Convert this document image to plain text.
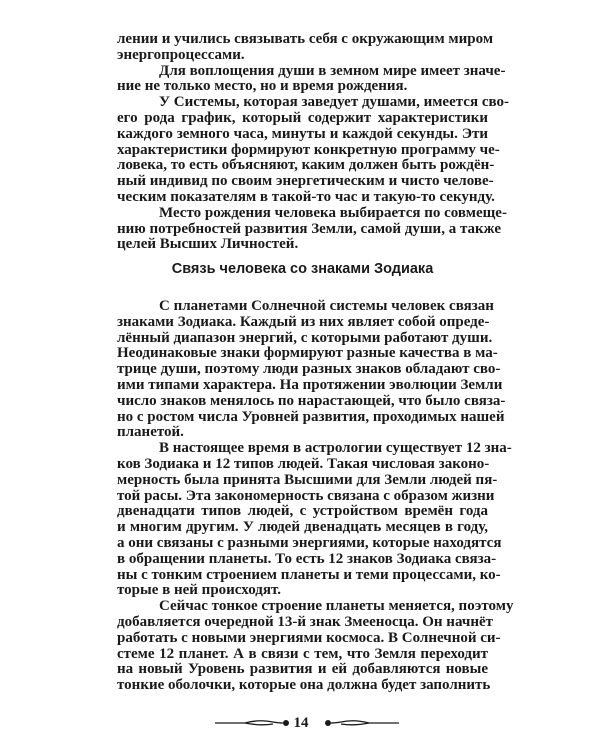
лении и учились связывать себя с окружающим миром
энергопроцессами.
Для воплощения души в земном мире имеет значе-
ние не только место, но и время рождения.
У Системы, которая заведует душами, имеется сво-
его рода график, который содержит характеристики
каждого земного часа, минуты и каждой секунды. Эти
характеристики формируют конкретную программу че-
ловека, то есть объясняют, каким должен быть рождён-
ный индивид по своим энергетическим и чисто челове-
ческим показателям в такой-то час и такую-то секунду.
Место рождения человека выбирается по совмеще-
нию потребностей развития Земли, самой души, а также
целей Высших Личностей.
Связь человека со знаками Зодиака
С планетами Солнечной системы человек связан
знаками Зодиака. Каждый из них являет собой опреде-
лённый диапазон энергий, с которыми работают души.
Неодинаковые знаки формируют разные качества в ма-
трице души, поэтому люди разных знаков обладают сво-
ими типами характера. На протяжении эволюции Земли
число знаков менялось по нарастающей, что было связа-
но с ростом числа Уровней развития, проходимых нашей
планетой.
В настоящее время в астрологии существует 12 зна-
ков Зодиака и 12 типов людей. Такая числовая законо-
мерность была принята Высшими для Земли людей пя-
той расы. Эта закономерность связана с образом жизни
двенадцати типов людей, с устройством времён года
и многим другим. У людей двенадцать месяцев в году,
а они связаны с разными энергиями, которые находятся
в обращении планеты. То есть 12 знаков Зодиака связа-
ны с тонким строением планеты и теми процессами, ко-
торые в ней происходят.
Сейчас тонкое строение планеты меняется, поэтому
добавляется очередной 13-й знак Змееносца. Он начнёт
работать с новыми энергиями космоса. В Солнечной си-
стеме 12 планет. А в связи с тем, что Земля переходит
на новый Уровень развития и ей добавляются новые
тонкие оболочки, которые она должна будет заполнить
14
